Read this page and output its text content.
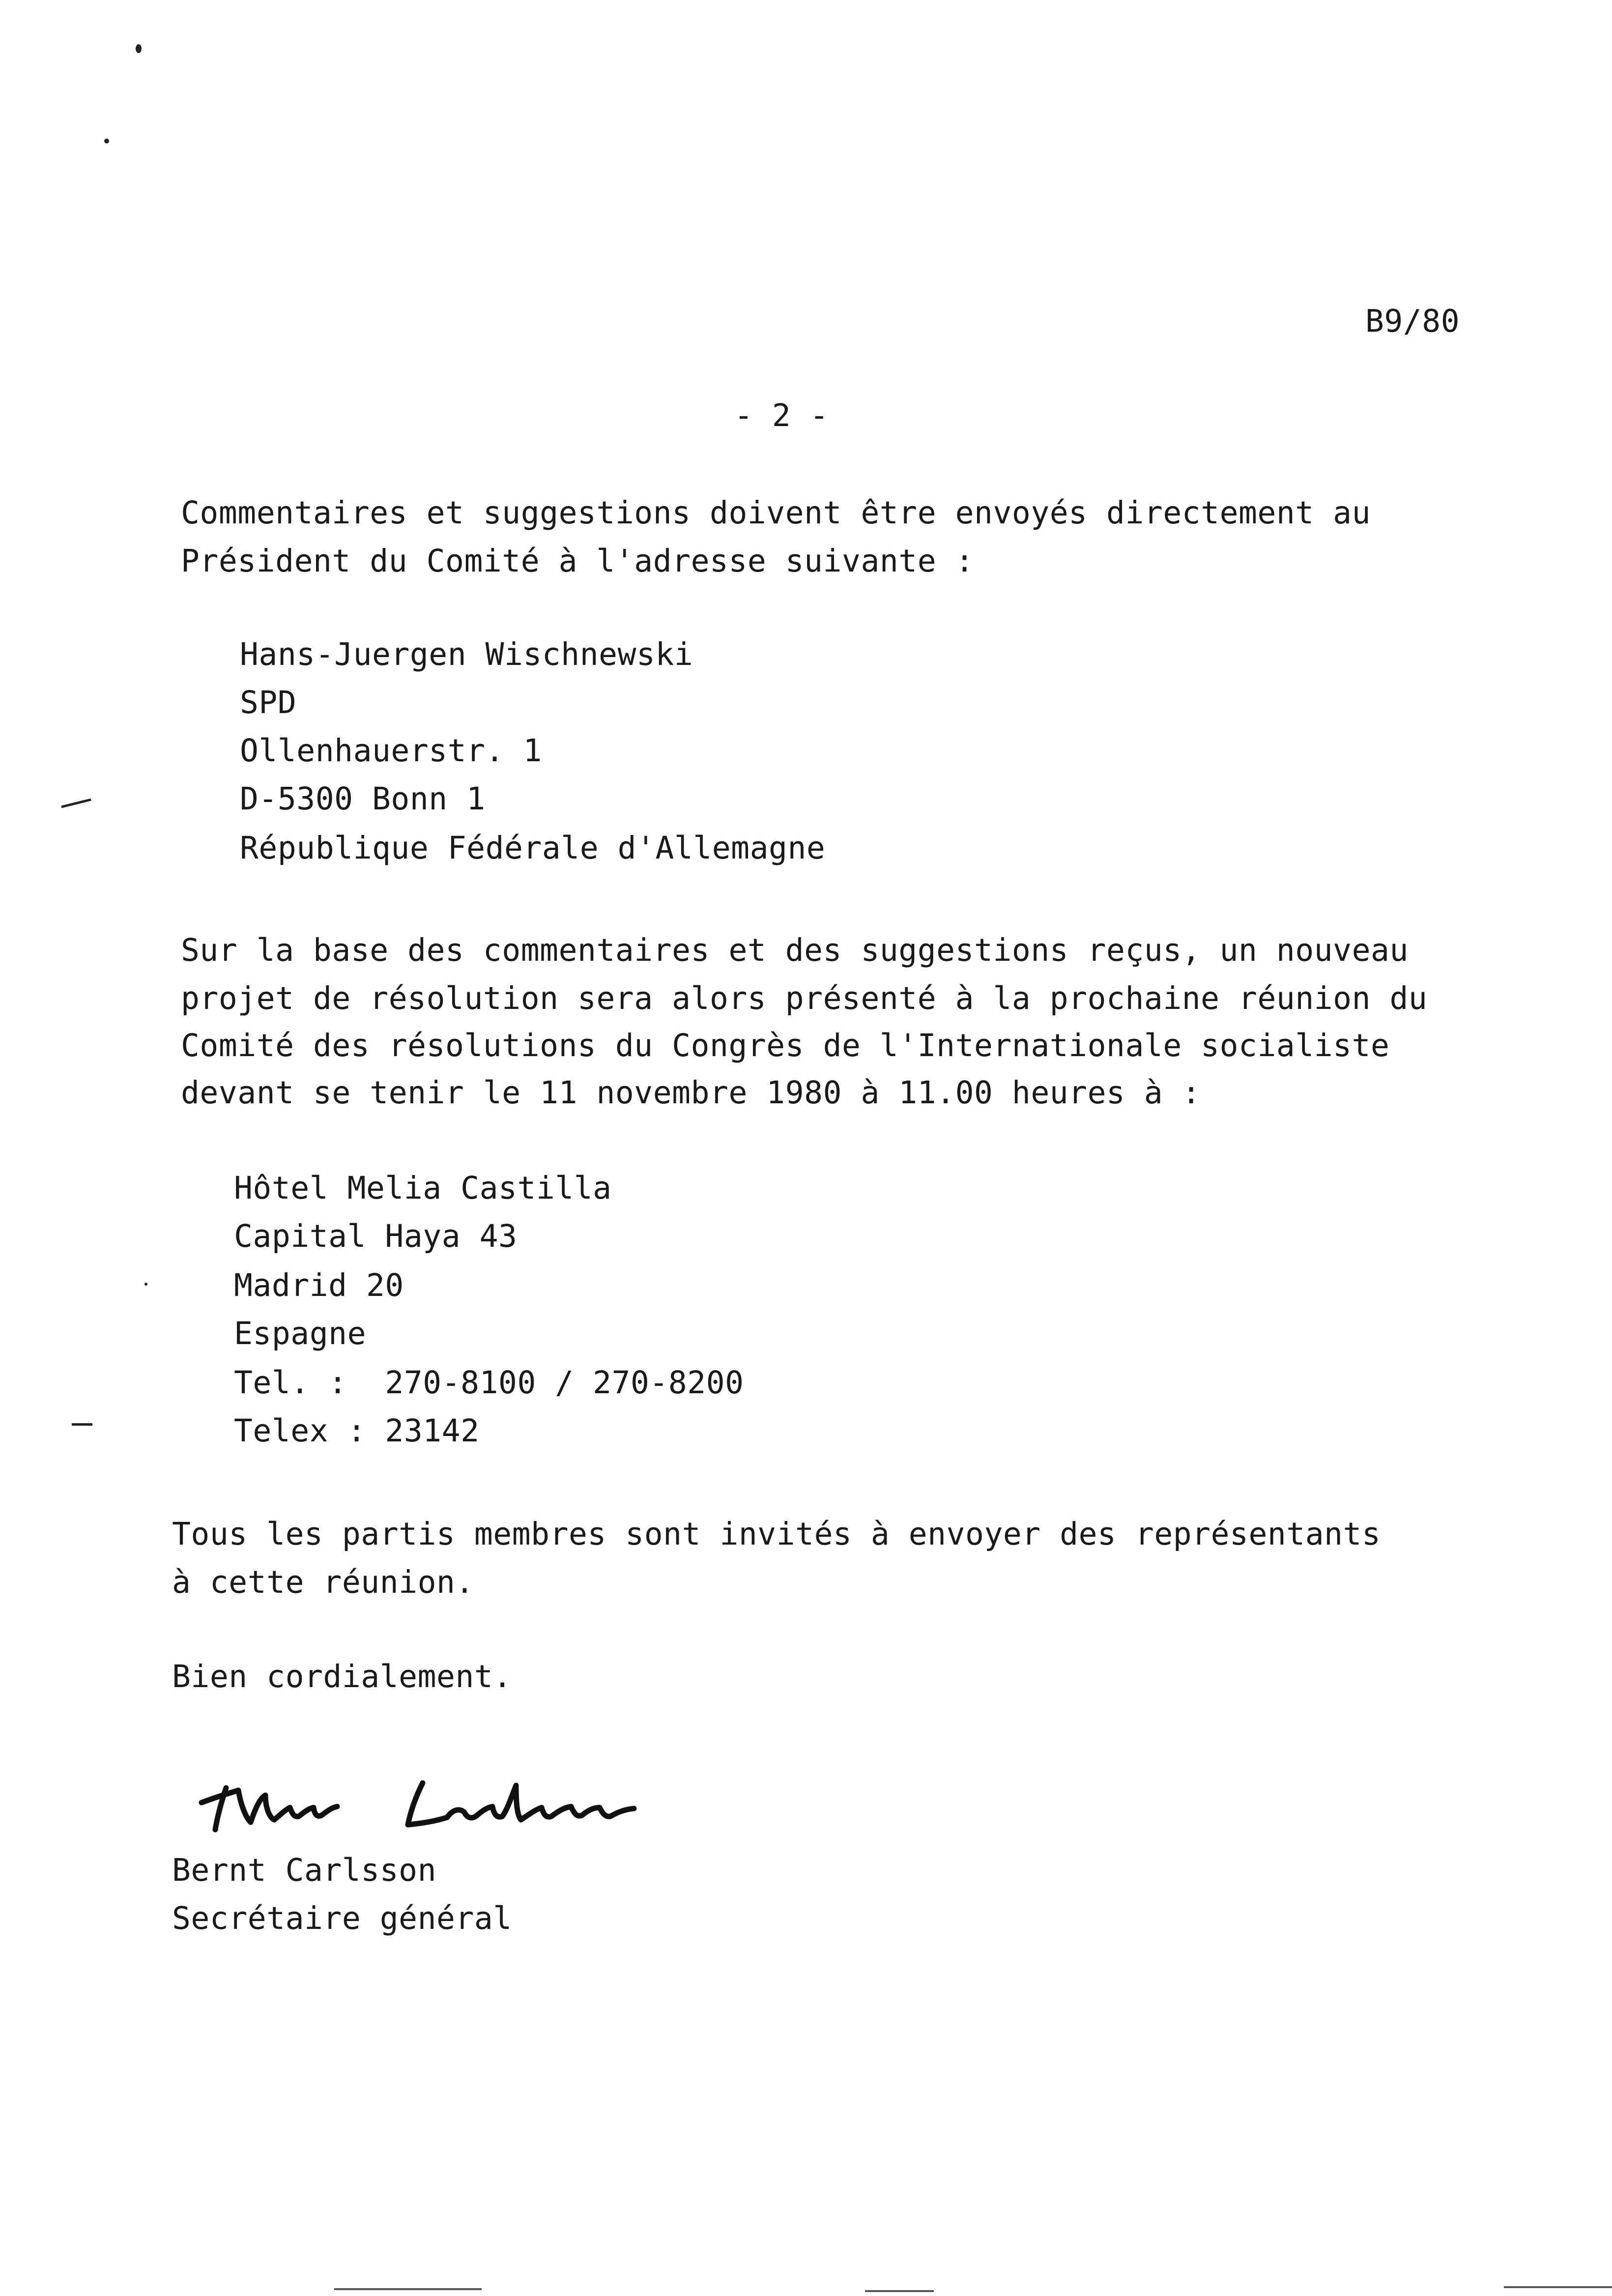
B9/80
- 2 -
Commentaires et suggestions doivent être envoyés directement au
Président du Comité à l'adresse suivante :
Hans-Juergen Wischnewski
SPD
Ollenhauerstr. 1
D-5300 Bonn 1
République Fédérale d'Allemagne
Sur la base des commentaires et des suggestions reçus, un nouveau
projet de résolution sera alors présenté à la prochaine réunion du
Comité des résolutions du Congrès de l'Internationale socialiste
devant se tenir le 11 novembre 1980 à 11.00 heures à :
Hôtel Melia Castilla
Capital Haya 43
Madrid 20
Espagne
Tel. :  270-8100 / 270-8200
Telex : 23142
Tous les partis membres sont invités à envoyer des représentants
à cette réunion.
Bien cordialement.
Bernt Carlsson
Secrétaire général
